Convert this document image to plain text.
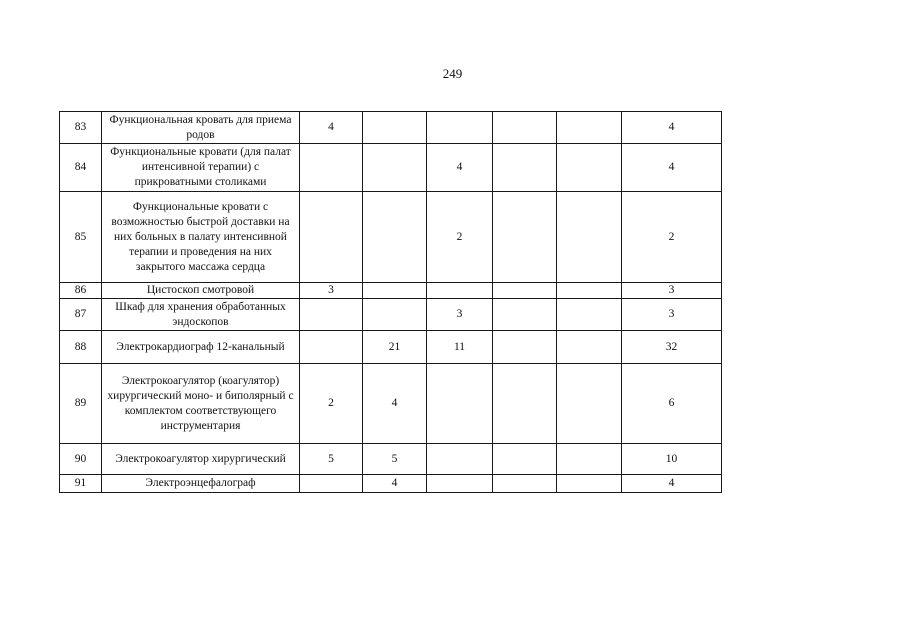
249
83	Функциональная кровать для приема родов	4					4
84	Функциональные кровати (для палат интенсивной терапии) с прикроватными столиками			4			4
85	Функциональные кровати с возможностью быстрой доставки на них больных в палату интенсивной терапии и проведения на них закрытого массажа сердца			2			2
86	Цистоскоп смотровой	3					3
87	Шкаф для хранения обработанных эндоскопов			3			3
88	Электрокардиограф 12-канальный		21	11			32
89	Электрокоагулятор (коагулятор) хирургический моно- и биполярный с комплектом соответствующего инструментария	2	4				6
90	Электрокоагулятор хирургический	5	5				10
91	Электроэнцефалограф		4				4
